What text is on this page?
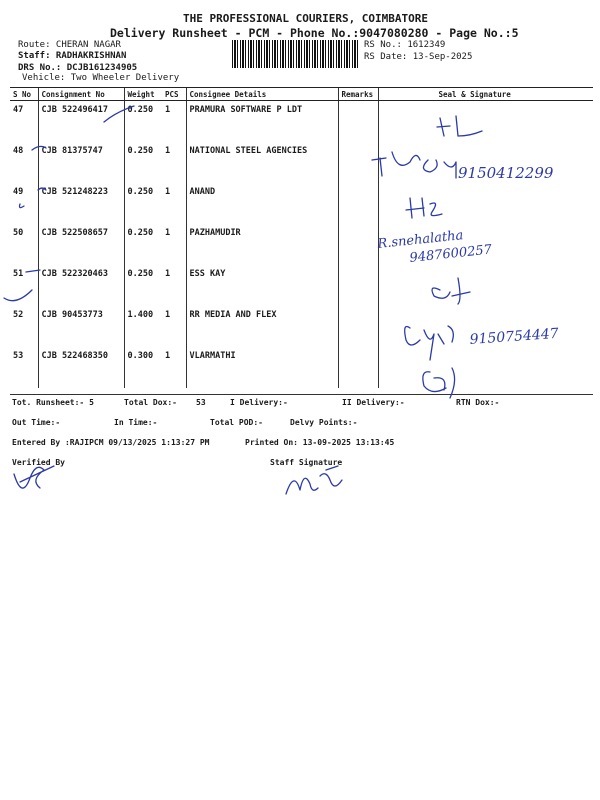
THE PROFESSIONAL COURIERS, COIMBATORE
Delivery Runsheet - PCM - Phone No.:9047080280 - Page No.:5
Route: CHERAN NAGAR
Staff: RADHAKRISHNAN
DRS No.: DCJB161234905
Vehicle: Two Wheeler Delivery
RS No.: 1612349
RS Date: 13-Sep-2025
S No	Consignment No	Weight	PCS	Consignee Details	Remarks	Seal & Signature
47	CJB 522496417	0.250	1	PRAMURA SOFTWARE P LDT		
48	CJB 81375747	0.250	1	NATIONAL STEEL AGENCIES		
49	CJB 521248223	0.250	1	ANAND		
50	CJB 522508657	0.250	1	PAZHAMUDIR		
51	CJB 522320463	0.250	1	ESS KAY		
52	CJB 90453773	1.400	1	RR MEDIA AND FLEX		
53	CJB 522468350	0.300	1	VLARMATHI		
9150412299
R.snehalatha
9487600257
9150754447
Tot. Runsheet:- 5	Total Dox:- 53	I Delivery:-	II Delivery:-	RTN Dox:-
Out Time:-	In Time:-	Total POD:-	Delvy Points:-
Entered By :RAJIPCM 09/13/2025 1:13:27 PM	Printed On: 13-09-2025 13:13:45
Verified By	Staff Signature
